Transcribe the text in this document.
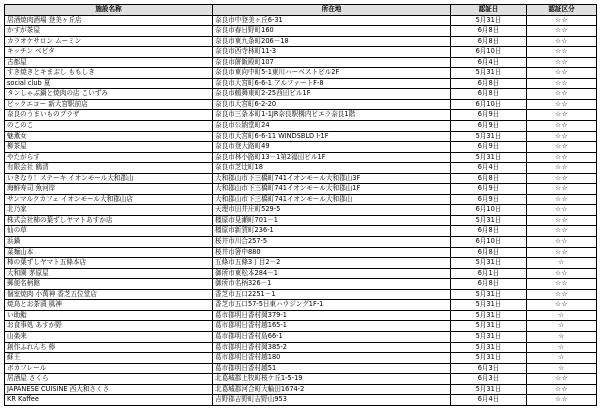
施設名称	所在地	認証日	認証区分
居酒焼肉酒場 登美ヶ丘店	奈良市中登美ヶ丘6-31	5月31日	☆☆
かすが茶屋	奈良市春日野町160	6月8日	☆☆
カラオケサロン ムーミン	奈良市東九条町206－18	6月8日	☆☆
キッチン ベビタ	奈良市西寺林町11-3	6月10日	☆☆
古都屋	奈良市餅飯殿町107	6月4日	☆☆
すき焼きとキまぶし ももしき	奈良市東向中町5-1東川ハーベストビル2F	5月31日	☆☆
social club 夏	奈良市大宮町6-6-1 アルファートF-8	6月8日	☆☆
タンしゃぶ鍋と焼肉の店 こいずみ	奈良市鶴舞東町2-25西田ビル1F	6月8日	☆☆
ビックエコー 新大宮駅前店	奈良市大宮町6-2-20	6月10日	☆☆
奈良のうまいものプラザ	奈良市三条本町1-1JR奈良駅構内ビエラ奈良1階	6月9日	☆☆
のこのこ	奈良市公納堂町24	6月9日	☆☆
魅薫女	奈良市大宮町6-6-11 WINDSBLD Ⅰ-1F	5月31日	☆☆
柳茶屋	奈良市登大路町49	6月9日	☆☆
やたがらす	奈良市林小路町13－1第2福田ビル1F	5月31日	☆☆
有限会社 鶴清	奈良市芝辻町18	6月4日	☆☆
いきなり！ステーキ イオンモール大和郡山	大和郡山市下三橋町741イオンモール大和郡山3F	6月8日	☆☆
海鮮寿司 魚河岸	大和郡山市下三橋町741イオンモール大和郡山1F	6月9日	☆☆
サンマルクカフェ イオンモール大和郡山店	大和郡山市下三橋町741イオンモール大和郡山	6月9日	☆☆
北乃家	天理市田井庄町529-5	6月10日	☆☆
株式会社柿の葉ずしヤマトあすか店	橿原市見瀬町701－1	5月31日	☆☆
仙の草	橿原市新賀町236-1	6月8日	☆☆
浜鍋	桜井市川合257-5	6月10日	☆☆
菜麺山本	桜井市箸中880	6月8日	☆☆
柿の葉ずしヤマト五條本店	五條市五條3丁目2－2	5月31日	☆
大和園 茅原屋	御所市東松本284－1	6月1日	☆☆
郵便名柄館	御所市名柄326－1	6月8日	☆☆
個室焼肉 小萬神 香芝五位堂店	香芝市五口2251－1	5月31日	☆☆
焼鳥とお茶漬 風神	香芝市五口57-5日東ハウジング1F-1	5月31日	☆☆
い助鮨	葛市郡明日香村岡379-1	5月31日	☆
お食事処 あすか野	葛市郡明日香村越165-1	5月31日	☆
山楽来	葛市郡明日香村島66-1	5月31日	☆
創作ふれんち 檸	葛市郡明日香村岡385-2	5月31日	☆
蘇王	葛市郡明日香村越180	5月31日	☆
ボカフレール	葛市郡明日香村越51	6月3日	☆
居酒屋 さくら	北葛城郡上牧町桜ケ丘1-5-19	6月3日	☆☆
JAPANESE CUISINE 西大和さくさ	北葛城郡河合町大輪田1674-2	5月31日	☆☆
KR Kaffee	吉野郡吉野町吉野山953	6月4日	☆☆
